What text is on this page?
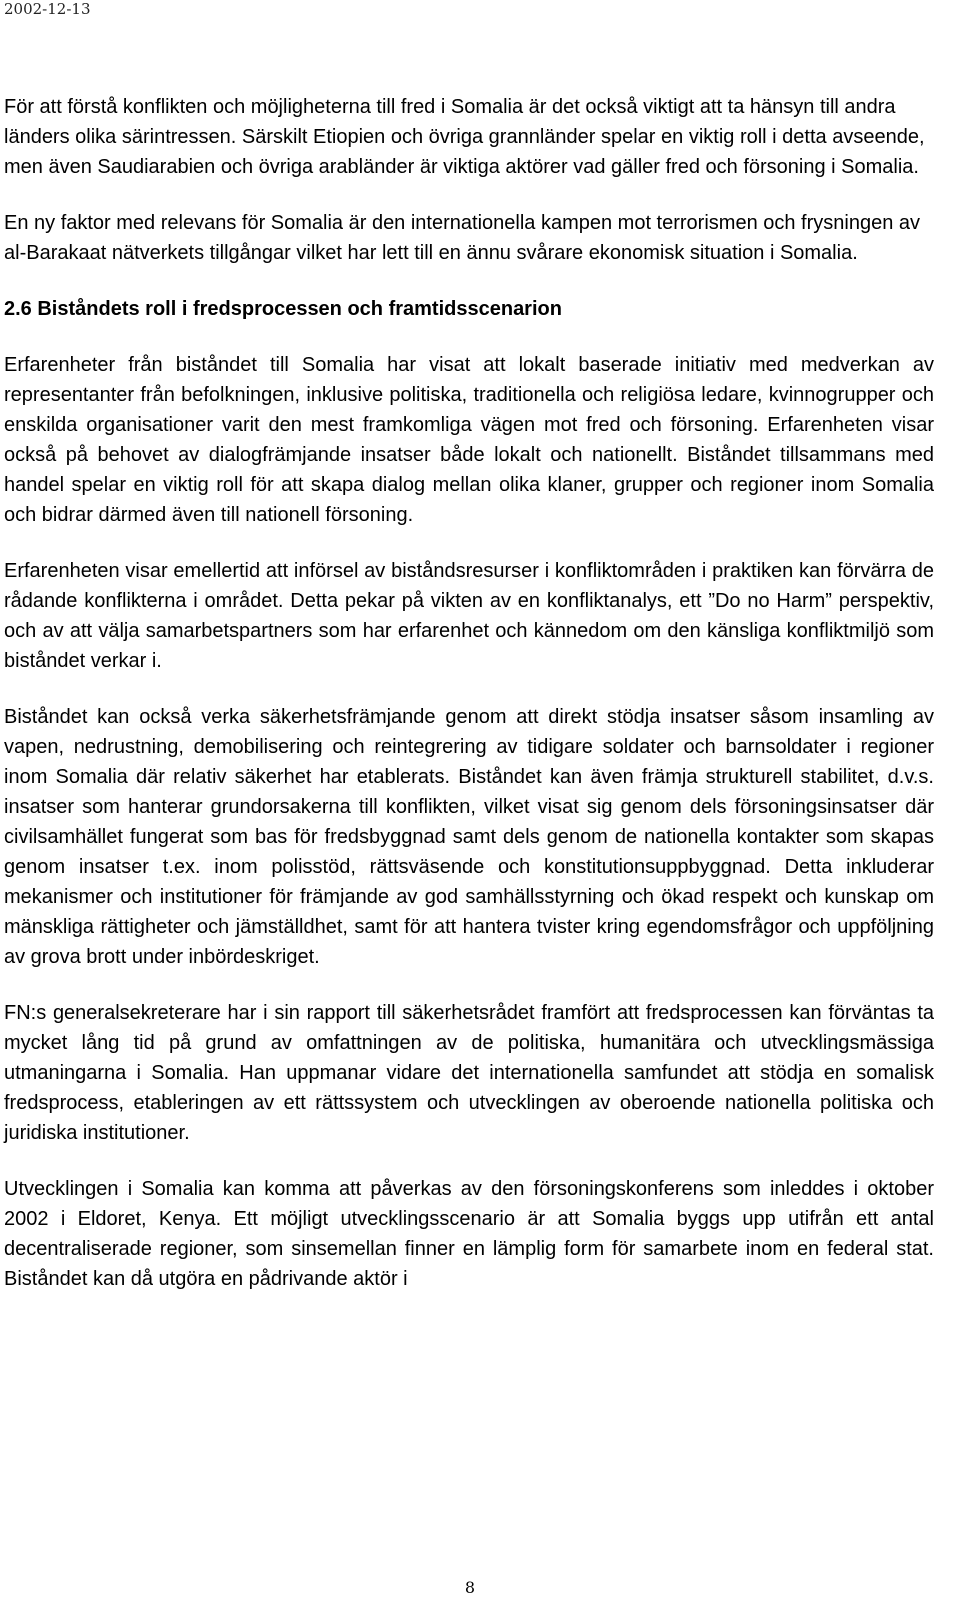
2002-12-13

För att förstå konflikten och möjligheterna till fred i Somalia är det också viktigt att ta hänsyn till andra länders olika särintressen. Särskilt Etiopien och övriga grannländer spelar en viktig roll i detta avseende, men även Saudiarabien och övriga arabländer är viktiga aktörer vad gäller fred och försoning i Somalia.

En ny faktor med relevans för Somalia är den internationella kampen mot terrorismen och frysningen av al-Barakaat nätverkets tillgångar vilket har lett till en ännu svårare ekonomisk situation i Somalia.

2.6 Biståndets roll i fredsprocessen och framtidsscenarion

Erfarenheter från biståndet till Somalia har visat att lokalt baserade initiativ med medverkan av representanter från befolkningen, inklusive politiska, traditionella och religiösa ledare, kvinnogrupper och enskilda organisationer varit den mest framkomliga vägen mot fred och försoning. Erfarenheten visar också på behovet av dialogfrämjande insatser både lokalt och nationellt. Biståndet tillsammans med handel spelar en viktig roll för att skapa dialog mellan olika klaner, grupper och regioner inom Somalia och bidrar därmed även till nationell försoning.

Erfarenheten visar emellertid att införsel av biståndsresurser i konfliktområden i praktiken kan förvärra de rådande konflikterna i området. Detta pekar på vikten av en konfliktanalys, ett ”Do no Harm” perspektiv, och av att välja samarbetspartners som har erfarenhet och kännedom om den känsliga konfliktmiljö som biståndet verkar i.

Biståndet kan också verka säkerhetsfrämjande genom att direkt stödja insatser såsom insamling av vapen, nedrustning, demobilisering och reintegrering av tidigare soldater och barnsoldater i regioner inom Somalia där relativ säkerhet har etablerats. Biståndet kan även främja strukturell stabilitet, d.v.s. insatser som hanterar grundorsakerna till konflikten, vilket visat sig genom dels försoningsinsatser där civilsamhället fungerat som bas för fredsbyggnad samt dels genom de nationella kontakter som skapas genom insatser t.ex. inom polisstöd, rättsväsende och konstitutionsuppbyggnad. Detta inkluderar mekanismer och institutioner för främjande av god samhällsstyrning och ökad respekt och kunskap om mänskliga rättigheter och jämställdhet, samt för att hantera tvister kring egendomsfrågor och uppföljning av grova brott under inbördeskriget.

FN:s generalsekreterare har i sin rapport till säkerhetsrådet framfört att fredsprocessen kan förväntas ta mycket lång tid på grund av omfattningen av de politiska, humanitära och utvecklingsmässiga utmaningarna i Somalia. Han uppmanar vidare det internationella samfundet att stödja en somalisk fredsprocess, etableringen av ett rättssystem och utvecklingen av oberoende nationella politiska och juridiska institutioner.

Utvecklingen i Somalia kan komma att påverkas av den försoningskonferens som inleddes i oktober 2002 i Eldoret, Kenya. Ett möjligt utvecklingsscenario är att Somalia byggs upp utifrån ett antal decentraliserade regioner, som sinsemellan finner en lämplig form för samarbete inom en federal stat. Biståndet kan då utgöra en pådrivande aktör i

8
